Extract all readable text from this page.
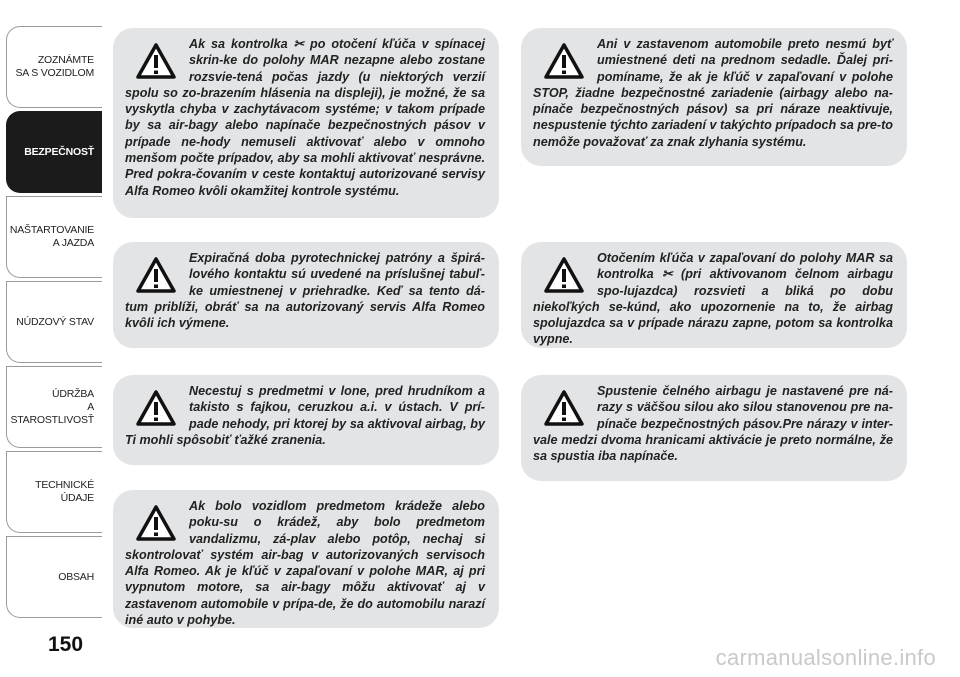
ZOZNÁMTE
SA S VOZIDLOM
BEZPEČNOSŤ
NAŠTARTOVANIE
A JAZDA
NÚDZOVÝ STAV
ÚDRŽBA
A STAROSTLIVOSŤ
TECHNICKÉ
ÚDAJE
OBSAH
150

Ak sa kontrolka ✂ po otočení kľúča v spínacej skrin-ke do polohy MAR nezapne alebo zostane rozsvie-tená počas jazdy (u niektorých verzií spolu so zo-brazením hlásenia na displeji), je možné, že sa vyskytla chyba v zachytávacom systéme; v takom prípade by sa air-bagy alebo napínače bezpečnostných pásov v prípade ne-hody nemuseli aktivovať alebo v omnoho menšom počte prípadov, aby sa mohli aktivovať nesprávne. Pred pokra-čovaním v ceste kontaktuj autorizované servisy Alfa Romeo kvôli okamžitej kontrole systému.

Expiračná doba pyrotechnickej patróny a špirá-lového kontaktu sú uvedené na príslušnej tabuľ-ke umiestnenej v priehradke. Keď sa tento dá-tum priblíži, obráť sa na autorizovaný servis Alfa Romeo kvôli ich výmene.

Necestuj s predmetmi v lone, pred hrudníkom a takisto s fajkou, ceruzkou a.i. v ústach. V prí-pade nehody, pri ktorej by sa aktivoval airbag, by Ti mohli spôsobiť ťažké zranenia.

Ak bolo vozidlom predmetom krádeže alebo poku-su o krádež, aby bolo predmetom vandalizmu, zá-plav alebo potôp, nechaj si skontrolovať systém air-bag v autorizovaných servisoch Alfa Romeo. Ak je kľúč v zapaľovaní v polohe MAR, aj pri vypnutom motore, sa air-bagy môžu aktivovať aj v zastavenom automobile v prípa-de, že do automobilu narazí iné auto v pohybe.

Ani v zastavenom automobile preto nesmú byť umiestnené deti na prednom sedadle. Ďalej pri-pomíname, že ak je kľúč v zapaľovaní v polohe STOP, žiadne bezpečnostné zariadenie (airbagy alebo na-pínače bezpečnostných pásov) sa pri náraze neaktivuje, nespustenie týchto zariadení v takýchto prípadoch sa pre-to nemôže považovať za znak zlyhania systému.

Otočením kľúča v zapaľovaní do polohy MAR sa kontrolka ✂ (pri aktivovanom čelnom airbagu spo-lujazdca) rozsvieti a bliká po dobu niekoľkých se-kúnd, ako upozornenie na to, že airbag spolujazdca sa v prípade nárazu zapne, potom sa kontrolka vypne.

Spustenie čelného airbagu je nastavené pre ná-razy s väčšou silou ako silou stanovenou pre na-pínače bezpečnostných pásov.Pre nárazy v inter-vale medzi dvoma hranicami aktivácie je preto normálne, že sa spustia iba napínače.

carmanualsonline.info
